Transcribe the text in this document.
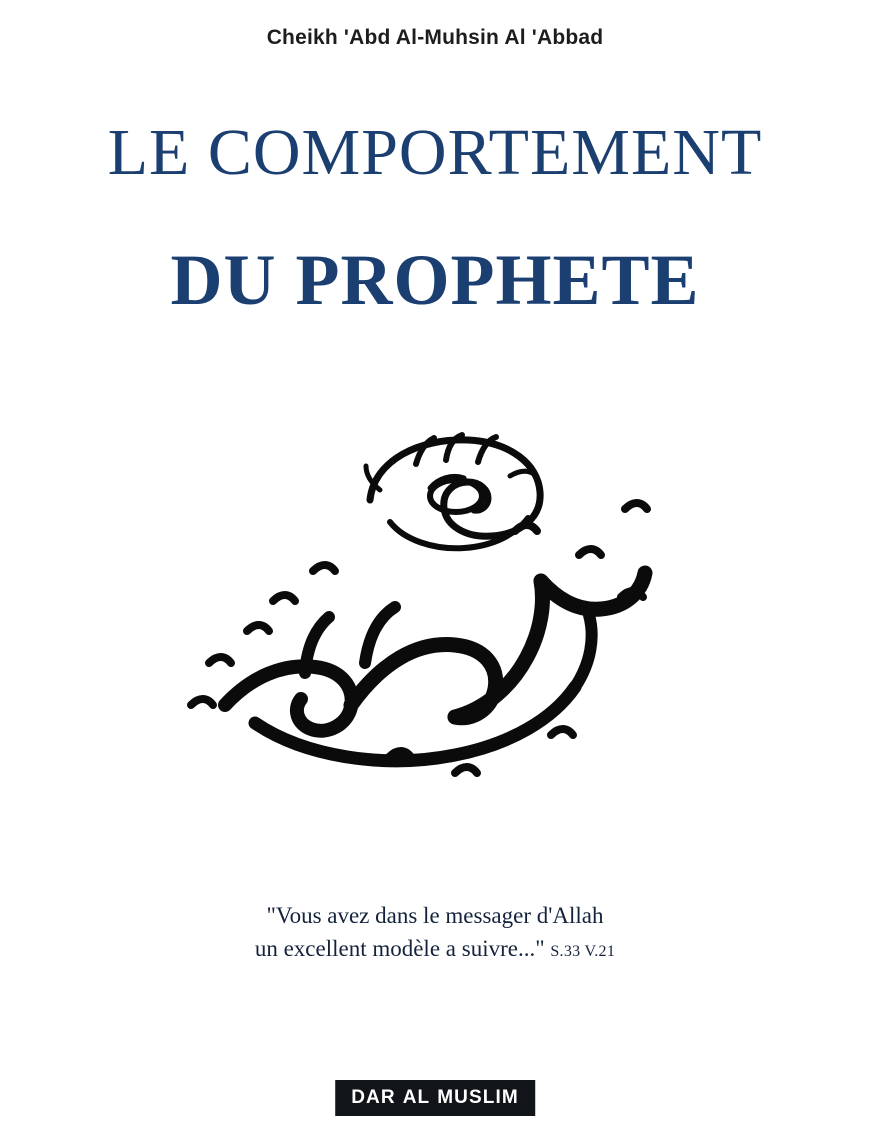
Cheikh 'Abd Al-Muhsin Al 'Abbad
LE COMPORTEMENT
DU PROPHETE
"Vous avez dans le messager d'Allah
un excellent modèle a suivre..." S.33 V.21
DAR AL MUSLIM
